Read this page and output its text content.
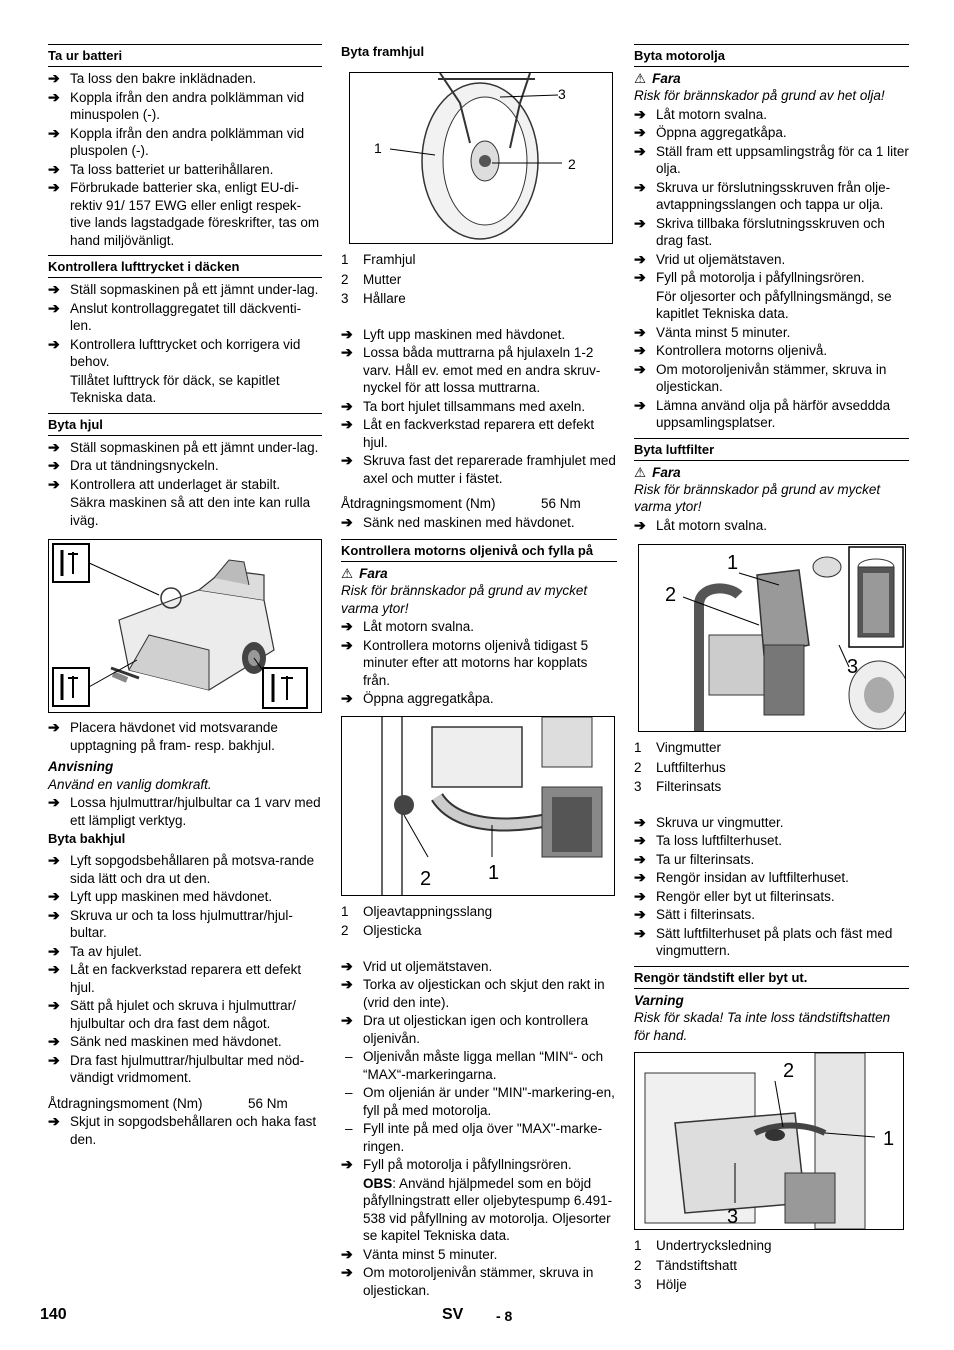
Ta ur batteri
➔ Ta loss den bakre inklädnaden.
➔ Koppla ifrån den andra polklämman vid minuspolen (-).
➔ Koppla ifrån den andra polklämman vid pluspolen (-).
➔ Ta loss batteriet ur batterihållaren.
➔ Förbrukade batterier ska, enligt EU-di-rektiv 91/ 157 EWG eller enligt respek-tive lands lagstadgade föreskrifter, tas om hand miljövänligt.
Kontrollera lufttrycket i däcken
➔ Ställ sopmaskinen på ett jämnt under-lag.
➔ Anslut kontrollaggregatet till däckventi-len.
➔ Kontrollera lufttrycket och korrigera vid behov.
Tillåtet lufttryck för däck, se kapitlet Tekniska data.
Byta hjul
➔ Ställ sopmaskinen på ett jämnt under-lag.
➔ Dra ut tändningsnyckeln.
➔ Kontrollera att underlaget är stabilt.
Säkra maskinen så att den inte kan rulla iväg.
➔ Placera hävdonet vid motsvarande upptagning på fram- resp. bakhjul.
Anvisning
Använd en vanlig domkraft.
➔ Lossa hjulmuttrar/hjulbultar ca 1 varv med ett lämpligt verktyg.
Byta bakhjul
➔ Lyft sopgodsbehållaren på motsva-rande sida lätt och dra ut den.
➔ Lyft upp maskinen med hävdonet.
➔ Skruva ur och ta loss hjulmuttrar/hjul-bultar.
➔ Ta av hjulet.
➔ Låt en fackverkstad reparera ett defekt hjul.
➔ Sätt på hjulet och skruva i hjulmuttrar/ hjulbultar och dra fast dem något.
➔ Sänk ned maskinen med hävdonet.
➔ Dra fast hjulmuttrar/hjulbultar med nöd-vändigt vridmoment.
Åtdragningsmoment (Nm)	56 Nm
➔ Skjut in sopgodsbehållaren och haka fast den.
Byta framhjul
1
2
3
1	Framhjul
2	Mutter
3	Hållare
➔ Lyft upp maskinen med hävdonet.
➔ Lossa båda muttrarna på hjulaxeln 1-2 varv. Håll ev. emot med en andra skruv-nyckel för att lossa muttrarna.
➔ Ta bort hjulet tillsammans med axeln.
➔ Låt en fackverkstad reparera ett defekt hjul.
➔ Skruva fast det reparerade framhjulet med axel och mutter i fästet.
Åtdragningsmoment (Nm)	56 Nm
➔ Sänk ned maskinen med hävdonet.
Kontrollera motorns oljenivå och fylla på
⚠ Fara
Risk för brännskador på grund av mycket varma ytor!
➔ Låt motorn svalna.
➔ Kontrollera motorns oljenivå tidigast 5 minuter efter att motorns har kopplats från.
➔ Öppna aggregatkåpa.
2	1
1	Oljeavtappningsslang
2	Oljesticka
➔ Vrid ut oljemätstaven.
➔ Torka av oljestickan och skjut den rakt in (vrid den inte).
➔ Dra ut oljestickan igen och kontrollera oljenivån.
– Oljenivån måste ligga mellan “MIN“- och “MAX“-markeringarna.
– Om oljenián är under "MIN"-markering-en, fyll på med motorolja.
– Fyll inte på med olja över "MAX"-marke-ringen.
➔ Fyll på motorolja i påfyllningsrören.
OBS: Använd hjälpmedel som en böjd påfyllningstratt eller oljebytespump 6.491-538 vid påfyllning av motorolja. Oljesorter se kapitel Tekniska data.
➔ Vänta minst 5 minuter.
➔ Om motoroljenivån stämmer, skruva in oljestickan.
Byta motorolja
⚠ Fara
Risk för brännskador på grund av het olja!
➔ Låt motorn svalna.
➔ Öppna aggregatkåpa.
➔ Ställ fram ett uppsamlingstråg för ca 1 liter olja.
➔ Skruva ur förslutningsskruven från olje-avtappningsslangen och tappa ur olja.
➔ Skriva tillbaka förslutningsskruven och drag fast.
➔ Vrid ut oljemätstaven.
➔ Fyll på motorolja i påfyllningsrören.
För oljesorter och påfyllningsmängd, se kapitlet Tekniska data.
➔ Vänta minst 5 minuter.
➔ Kontrollera motorns oljenivå.
➔ Om motoroljenivån stämmer, skruva in oljestickan.
➔ Lämna använd olja på härför avseddda uppsamlingsplatser.
Byta luftfilter
⚠ Fara
Risk för brännskador på grund av mycket varma ytor!
➔ Låt motorn svalna.
1
2
3
1	Vingmutter
2	Luftfilterhus
3	Filterinsats
➔ Skruva ur vingmutter.
➔ Ta loss luftfilterhuset.
➔ Ta ur filterinsats.
➔ Rengör insidan av luftfilterhuset.
➔ Rengör eller byt ut filterinsats.
➔ Sätt i filterinsats.
➔ Sätt luftfilterhuset på plats och fäst med vingmuttern.
Rengör tändstift eller byt ut.
Varning
Risk för skada! Ta inte loss tändstiftshatten för hand.
2
1
3
1	Undertrycksledning
2	Tändstiftshatt
3	Hölje
140	SV - 8
